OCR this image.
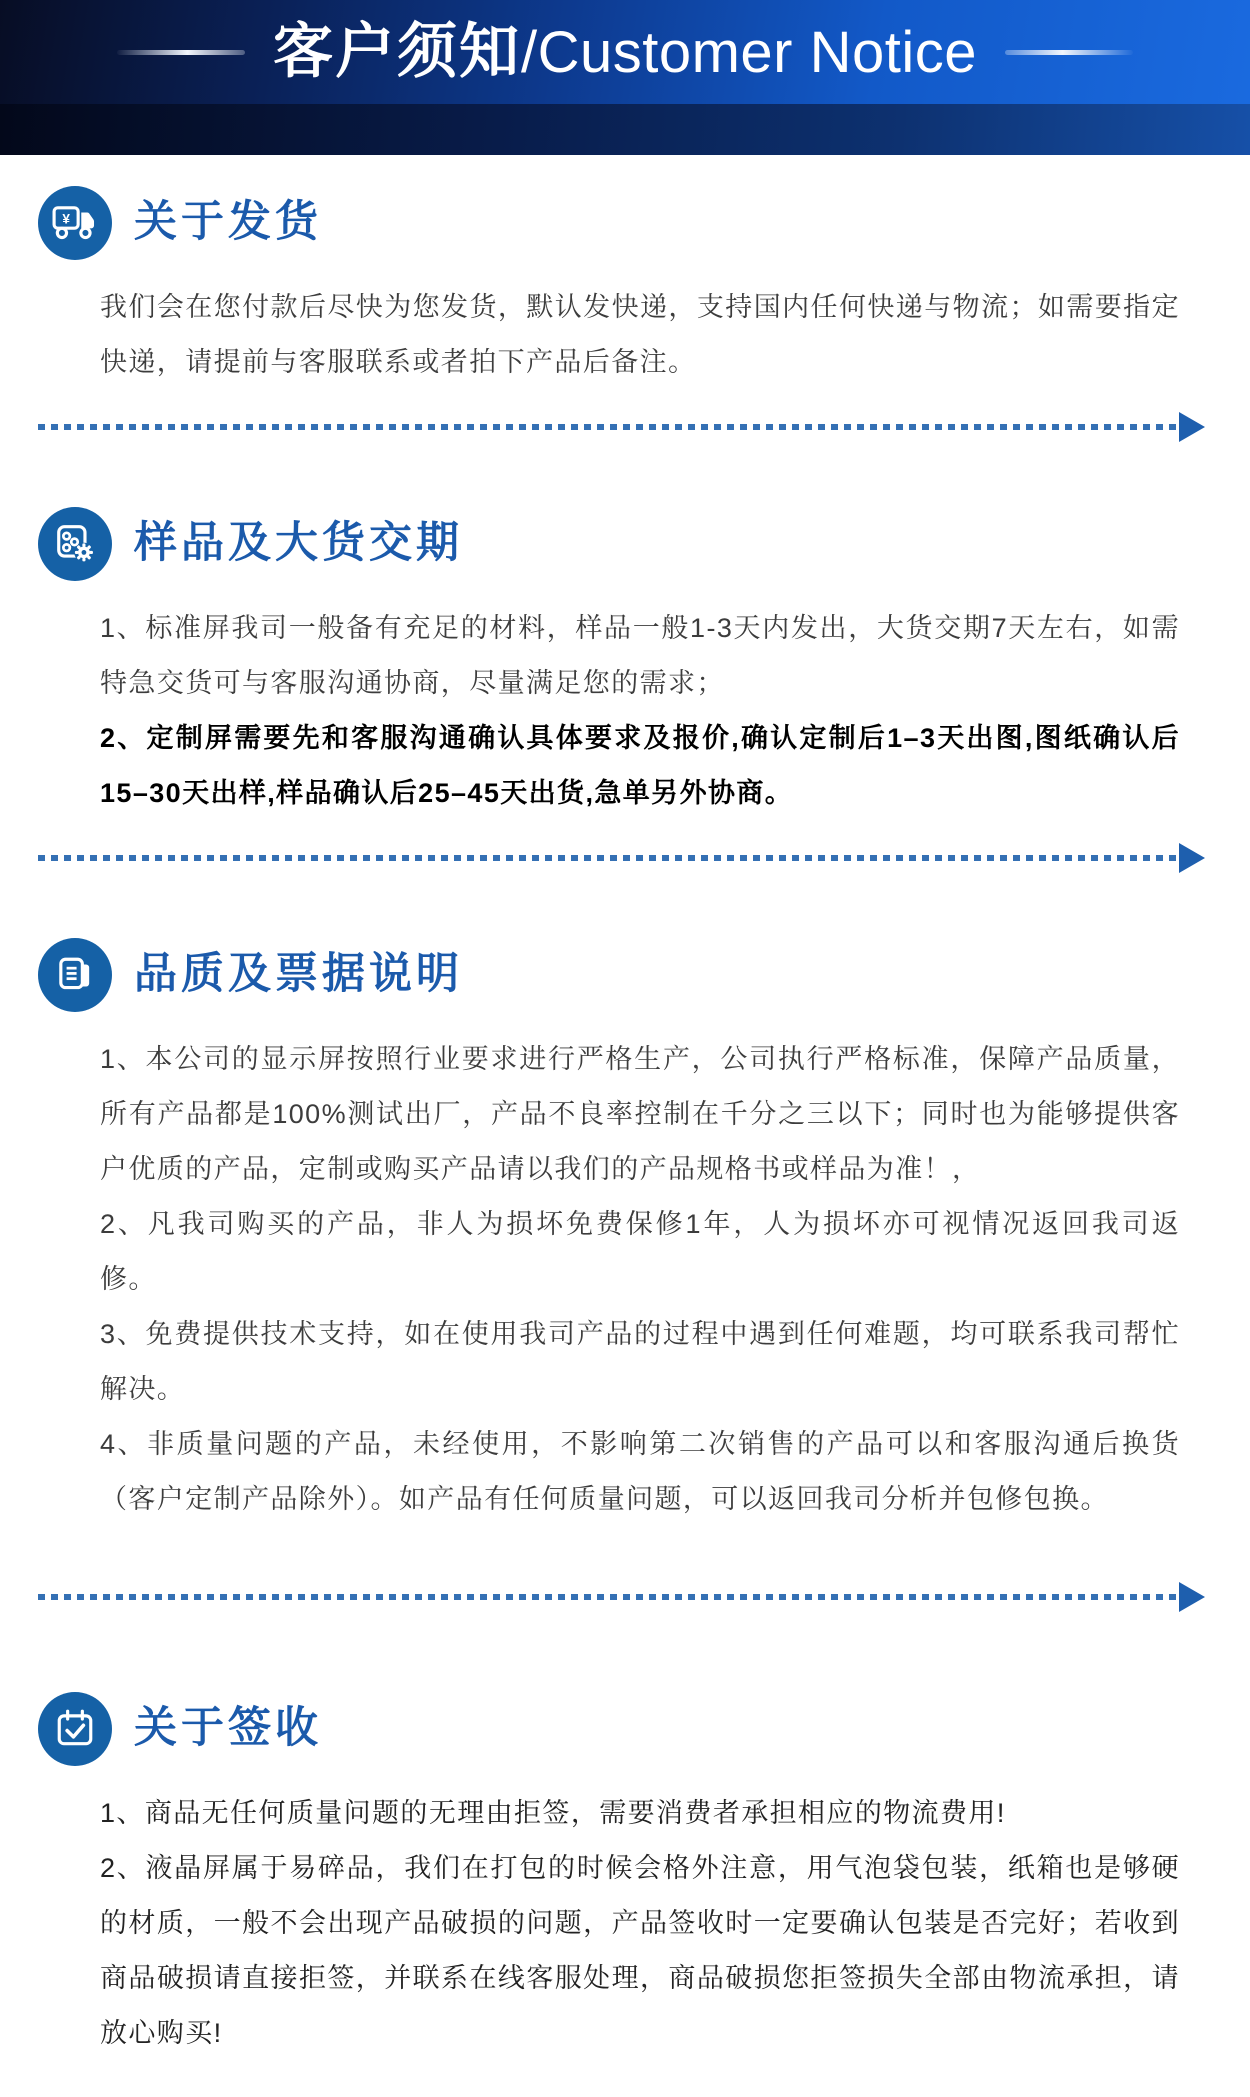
客户须知/Customer Notice
¥ 关于发货

我们会在您付款后尽快为您发货，默认发快递，支持国内任何快递与物流；如需要指定快递，请提前与客服联系或者拍下产品后备注。

样品及大货交期

1、标准屏我司一般备有充足的材料，样品一般1-3天内发出，大货交期7天左右，如需特急交货可与客服沟通协商，尽量满足您的需求；

2、定制屏需要先和客服沟通确认具体要求及报价,确认定制后1–3天出图,图纸确认后15–30天出样,样品确认后25–45天出货,急单另外协商。

品质及票据说明

1、本公司的显示屏按照行业要求进行严格生产，公司执行严格标准，保障产品质量，所有产品都是100%测试出厂，产品不良率控制在千分之三以下；同时也为能够提供客户优质的产品，定制或购买产品请以我们的产品规格书或样品为准！，

2、凡我司购买的产品，非人为损坏免费保修1年，人为损坏亦可视情况返回我司返修。

3、免费提供技术支持，如在使用我司产品的过程中遇到任何难题，均可联系我司帮忙解决。

4、非质量问题的产品，未经使用，不影响第二次销售的产品可以和客服沟通后换货（客户定制产品除外）。如产品有任何质量问题，可以返回我司分析并包修包换。

关于签收

1、商品无任何质量问题的无理由拒签，需要消费者承担相应的物流费用!

2、液晶屏属于易碎品，我们在打包的时候会格外注意，用气泡袋包装，纸箱也是够硬的材质，一般不会出现产品破损的问题，产品签收时一定要确认包装是否完好；若收到商品破损请直接拒签，并联系在线客服处理，商品破损您拒签损失全部由物流承担，请放心购买!
